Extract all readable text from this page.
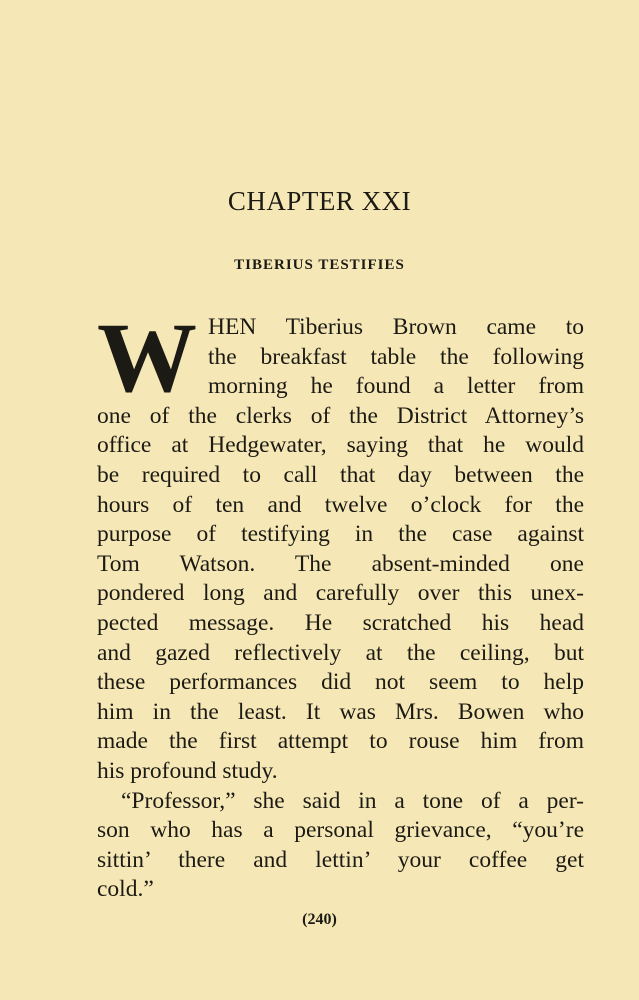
CHAPTER XXI
TIBERIUS TESTIFIES
W HEN Tiberius Brown came to
the breakfast table the following
morning he found a letter from
one of the clerks of the District Attorney’s
office at Hedgewater, saying that he would
be required to call that day between the
hours of ten and twelve o’clock for the
purpose of testifying in the case against
Tom Watson. The absent-minded one
pondered long and carefully over this unex-
pected message. He scratched his head
and gazed reflectively at the ceiling, but
these performances did not seem to help
him in the least. It was Mrs. Bowen who
made the first attempt to rouse him from
his profound study.
“Professor,” she said in a tone of a per-
son who has a personal grievance, “you’re
sittin’ there and lettin’ your coffee get
cold.”
(240)
